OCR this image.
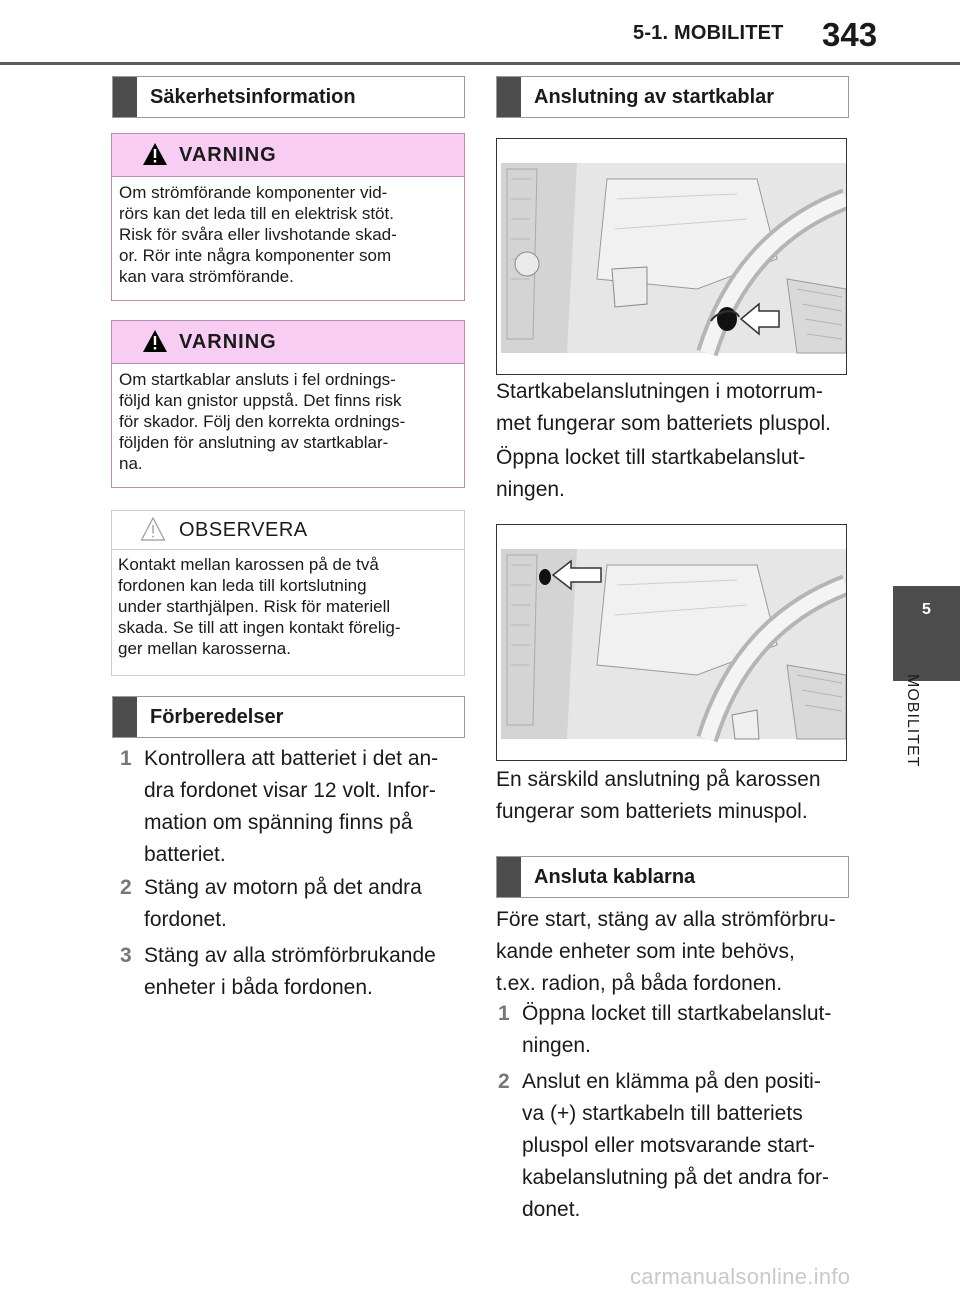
5-1. MOBILITET 343
5
MOBILITET
Säkerhetsinformation
VARNING
Om strömförande komponenter vid-
rörs kan det leda till en elektrisk stöt.
Risk för svåra eller livshotande skad-
or. Rör inte några komponenter som
kan vara strömförande.
VARNING
Om startkablar ansluts i fel ordnings-
följd kan gnistor uppstå. Det finns risk
för skador. Följ den korrekta ordnings-
följden för anslutning av startkablar-
na.
OBSERVERA
Kontakt mellan karossen på de två
fordonen kan leda till kortslutning
under starthjälpen. Risk för materiell
skada. Se till att ingen kontakt förelig-
ger mellan karosserna.
Förberedelser
1 Kontrollera att batteriet i det an-
dra fordonet visar 12 volt. Infor-
mation om spänning finns på
batteriet.
2 Stäng av motorn på det andra
fordonet.
3 Stäng av alla strömförbrukande
enheter i båda fordonen.
Anslutning av startkablar
Startkabelanslutningen i motorrum-
met fungerar som batteriets pluspol.
Öppna locket till startkabelanslut-
ningen.
En särskild anslutning på karossen
fungerar som batteriets minuspol.
Ansluta kablarna
Före start, stäng av alla strömförbru-
kande enheter som inte behövs,
t.ex. radion, på båda fordonen.
1 Öppna locket till startkabelanslut-
ningen.
2 Anslut en klämma på den positi-
va (+) startkabeln till batteriets
pluspol eller motsvarande start-
kabelanslutning på det andra for-
donet.
carmanualsonline.info
